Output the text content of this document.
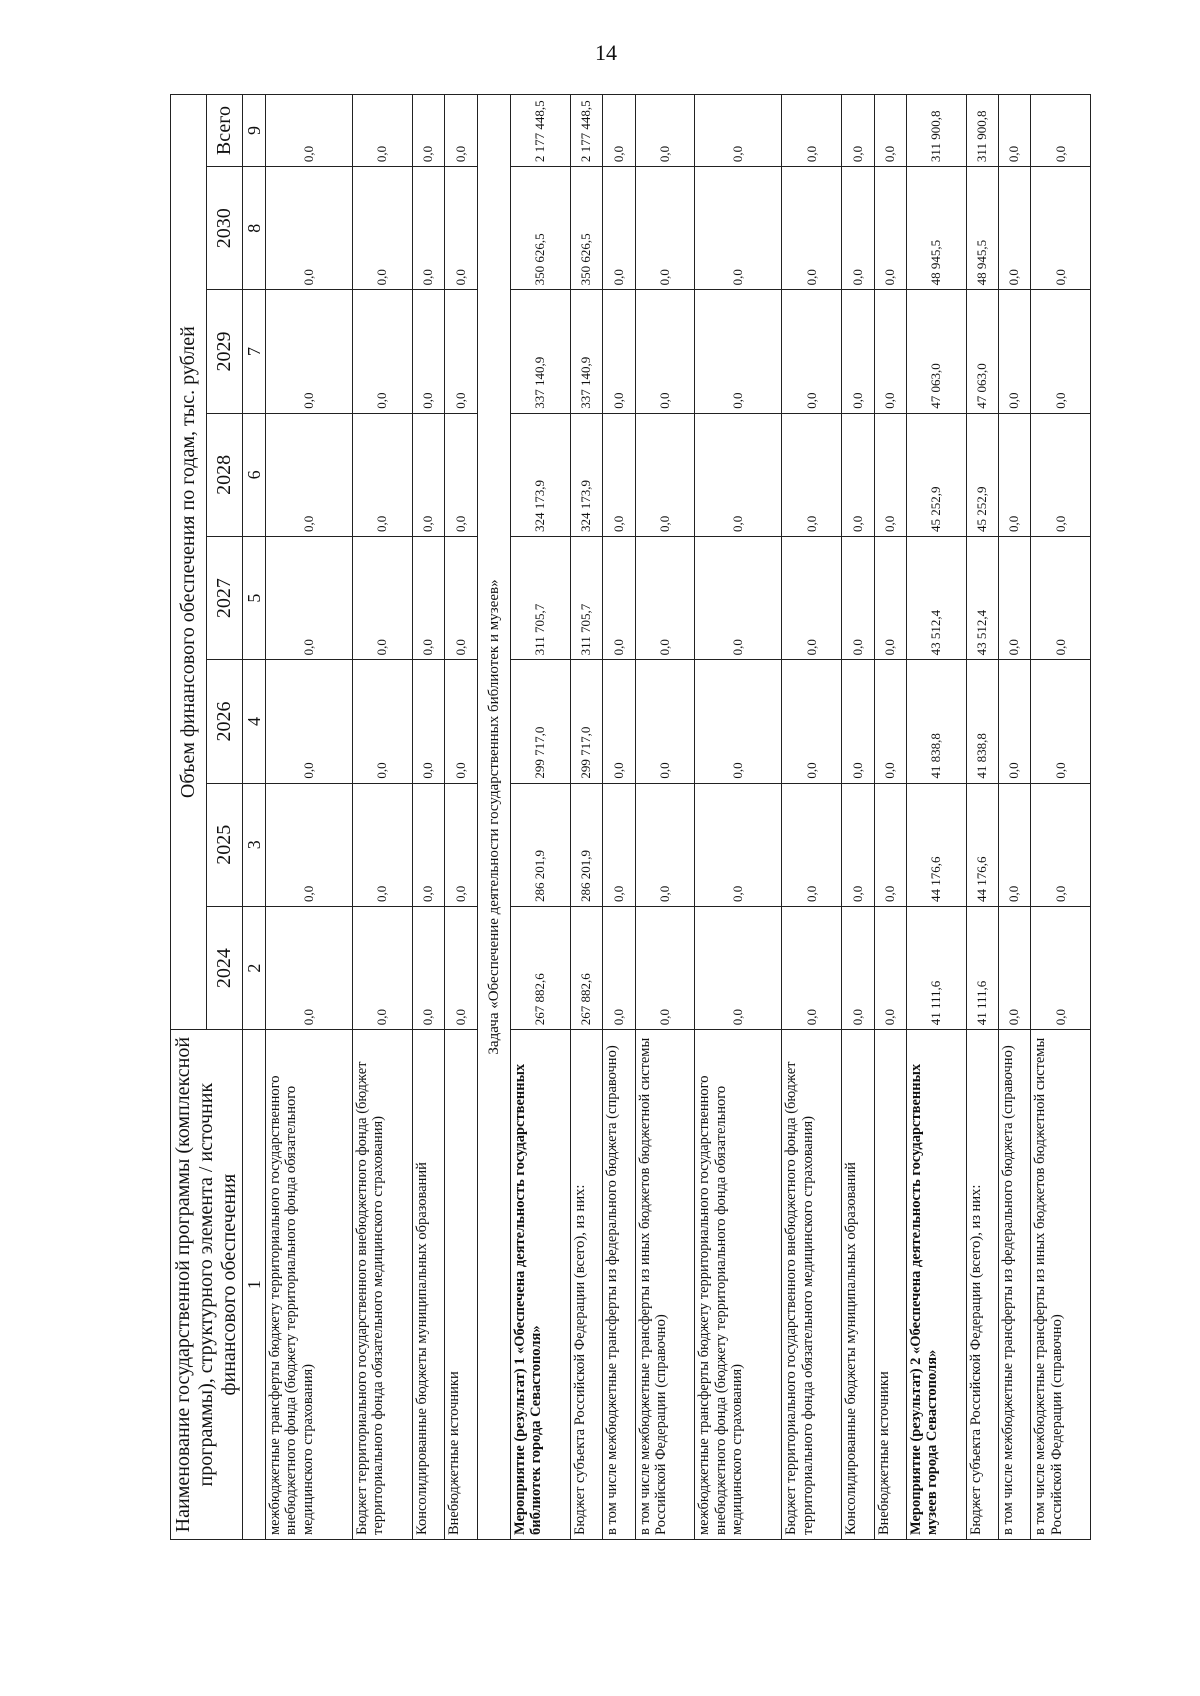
14
Наименование государственной программы (комплексной программы), структурного элемента / источник финансового обеспечения	Объем финансового обеспечения по годам, тыс. рублей							
	2024	2025	2026	2027	2028	2029	2030	Всего
1	2	3	4	5	6	7	8	9
межбюджетные трансферты бюджету территориального государственного внебюджетного фонда (бюджету территориального фонда обязательного медицинского страхования)	0,0	0,0	0,0	0,0	0,0	0,0	0,0	0,0
Бюджет территориального государственного внебюджетного фонда (бюджет территориального фонда обязательного медицинского страхования)	0,0	0,0	0,0	0,0	0,0	0,0	0,0	0,0
Консолидированные бюджеты муниципальных образований	0,0	0,0	0,0	0,0	0,0	0,0	0,0	0,0
Внебюджетные источники	0,0	0,0	0,0	0,0	0,0	0,0	0,0	0,0
Задача «Обеспечение деятельности государственных библиотек и музеев»								
Мероприятие (результат) 1 «Обеспечена деятельность государственных библиотек города Севастополя»	267 882,6	286 201,9	299 717,0	311 705,7	324 173,9	337 140,9	350 626,5	2 177 448,5
Бюджет субъекта Российской Федерации (всего), из них:	267 882,6	286 201,9	299 717,0	311 705,7	324 173,9	337 140,9	350 626,5	2 177 448,5
в том числе межбюджетные трансферты из федерального бюджета (справочно)	0,0	0,0	0,0	0,0	0,0	0,0	0,0	0,0
в том числе межбюджетные трансферты из иных бюджетов бюджетной системы Российской Федерации (справочно)	0,0	0,0	0,0	0,0	0,0	0,0	0,0	0,0
межбюджетные трансферты бюджету территориального государственного внебюджетного фонда (бюджету территориального фонда обязательного медицинского страхования)	0,0	0,0	0,0	0,0	0,0	0,0	0,0	0,0
Бюджет территориального государственного внебюджетного фонда (бюджет территориального фонда обязательного медицинского страхования)	0,0	0,0	0,0	0,0	0,0	0,0	0,0	0,0
Консолидированные бюджеты муниципальных образований	0,0	0,0	0,0	0,0	0,0	0,0	0,0	0,0
Внебюджетные источники	0,0	0,0	0,0	0,0	0,0	0,0	0,0	0,0
Мероприятие (результат) 2 «Обеспечена деятельность государственных музеев города Севастополя»	41 111,6	44 176,6	41 838,8	43 512,4	45 252,9	47 063,0	48 945,5	311 900,8
Бюджет субъекта Российской Федерации (всего), из них:	41 111,6	44 176,6	41 838,8	43 512,4	45 252,9	47 063,0	48 945,5	311 900,8
в том числе межбюджетные трансферты из федерального бюджета (справочно)	0,0	0,0	0,0	0,0	0,0	0,0	0,0	0,0
в том числе межбюджетные трансферты из иных бюджетов бюджетной системы Российской Федерации (справочно)	0,0	0,0	0,0	0,0	0,0	0,0	0,0	0,0
